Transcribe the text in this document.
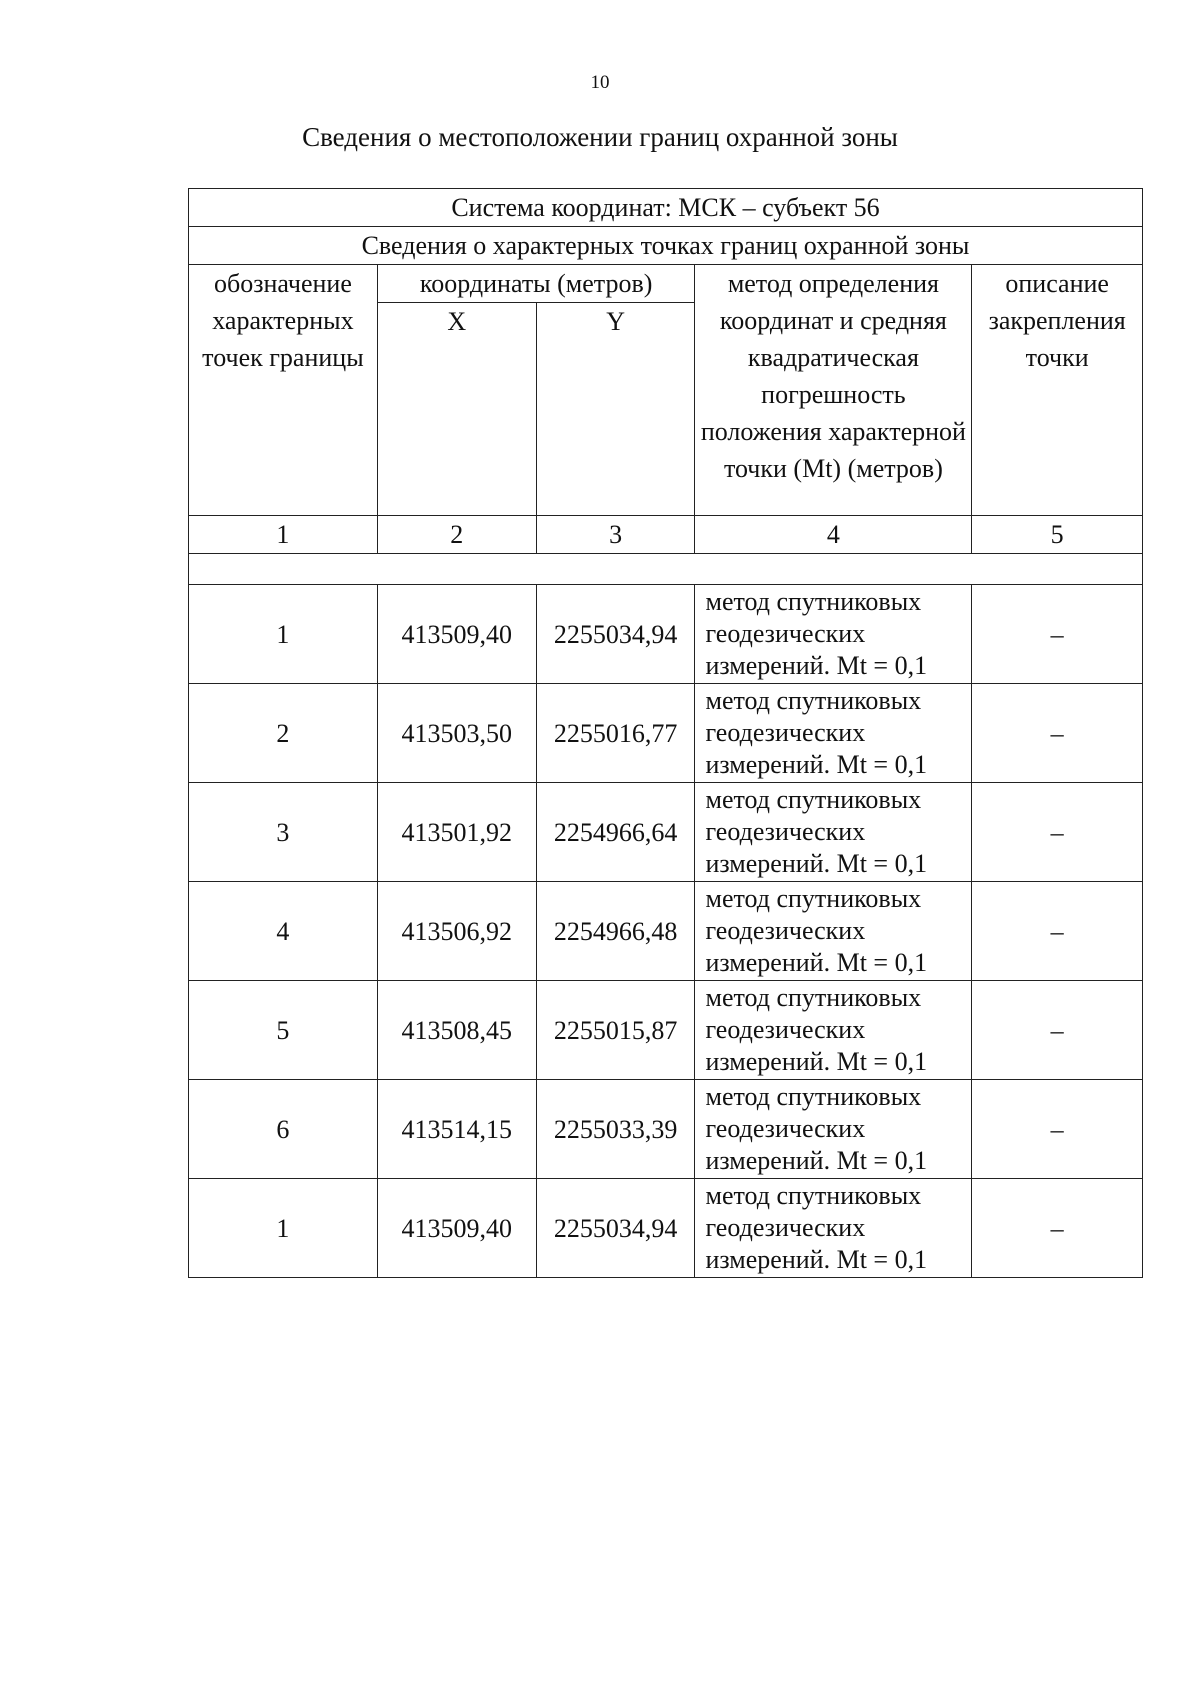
10
Сведения о местоположении границ охранной зоны
Система координат: МСК – субъект 56				
Сведения о характерных точках границ охранной зоны				
обозначение характерных точек границы	координаты (метров)		метод определения координат и средняя квадратическая погрешность положения характерной точки (Mt) (метров)	описание закрепления точки
	X	Y		
1	2	3	4	5

1	413509,40	2255034,94	метод спутниковых геодезических измерений. Mt = 0,1	–
2	413503,50	2255016,77	метод спутниковых геодезических измерений. Mt = 0,1	–
3	413501,92	2254966,64	метод спутниковых геодезических измерений. Mt = 0,1	–
4	413506,92	2254966,48	метод спутниковых геодезических измерений. Mt = 0,1	–
5	413508,45	2255015,87	метод спутниковых геодезических измерений. Mt = 0,1	–
6	413514,15	2255033,39	метод спутниковых геодезических измерений. Mt = 0,1	–
1	413509,40	2255034,94	метод спутниковых геодезических измерений. Mt = 0,1	–
